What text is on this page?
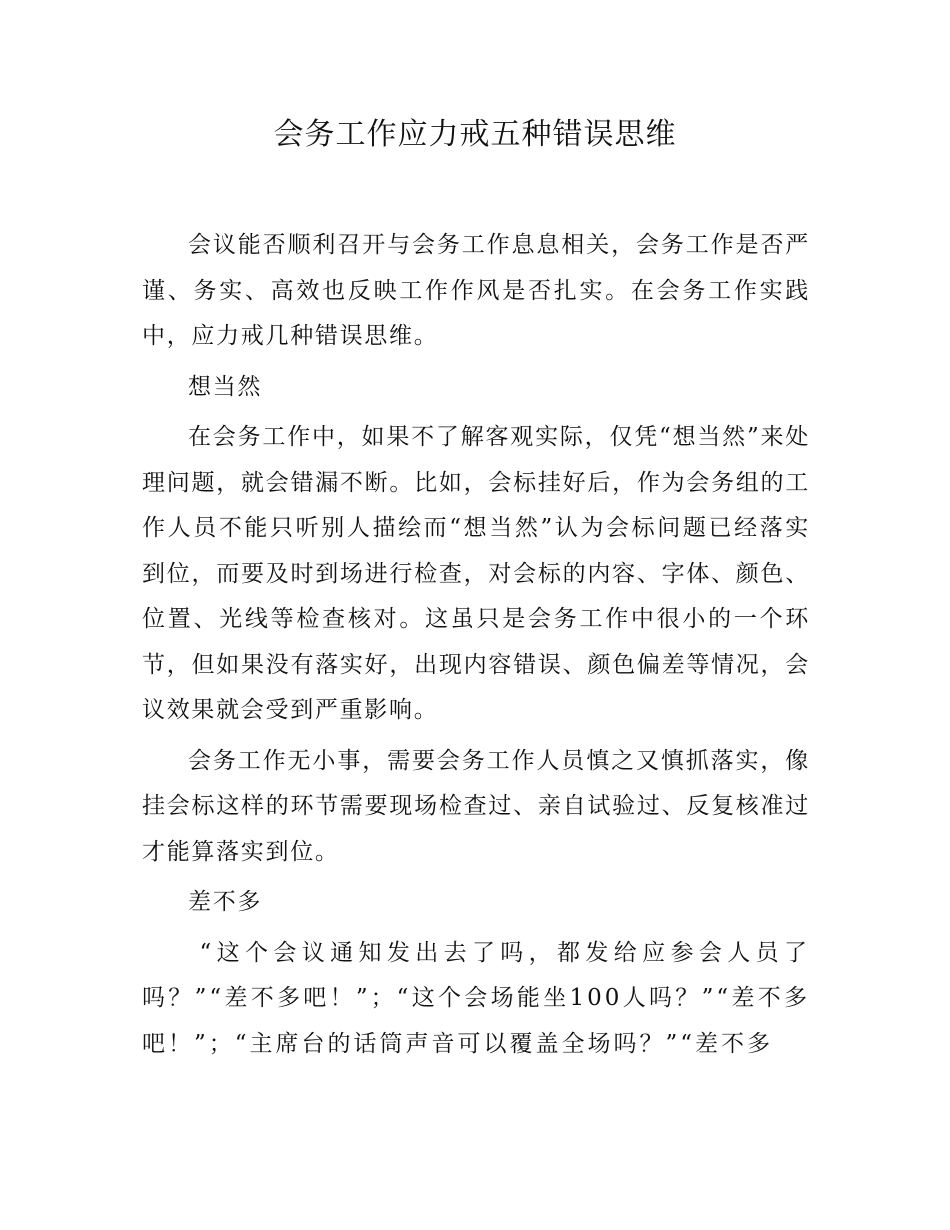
会务工作应力戒五种错误思维

会议能否顺利召开与会务工作息息相关，会务工作是否严谨、务实、高效也反映工作作风是否扎实。在会务工作实践中，应力戒几种错误思维。

想当然

在会务工作中，如果不了解客观实际，仅凭“想当然”来处理问题，就会错漏不断。比如，会标挂好后，作为会务组的工作人员不能只听别人描绘而“想当然”认为会标问题已经落实到位，而要及时到场进行检查，对会标的内容、字体、颜色、位置、光线等检查核对。这虽只是会务工作中很小的一个环节，但如果没有落实好，出现内容错误、颜色偏差等情况，会议效果就会受到严重影响。

会务工作无小事，需要会务工作人员慎之又慎抓落实，像挂会标这样的环节需要现场检查过、亲自试验过、反复核准过才能算落实到位。

差不多

“这个会议通知发出去了吗，都发给应参会人员了吗？”“差不多吧！”；“这个会场能坐100人吗？”“差不多吧！”；“主席台的话筒声音可以覆盖全场吗？”“差不多
